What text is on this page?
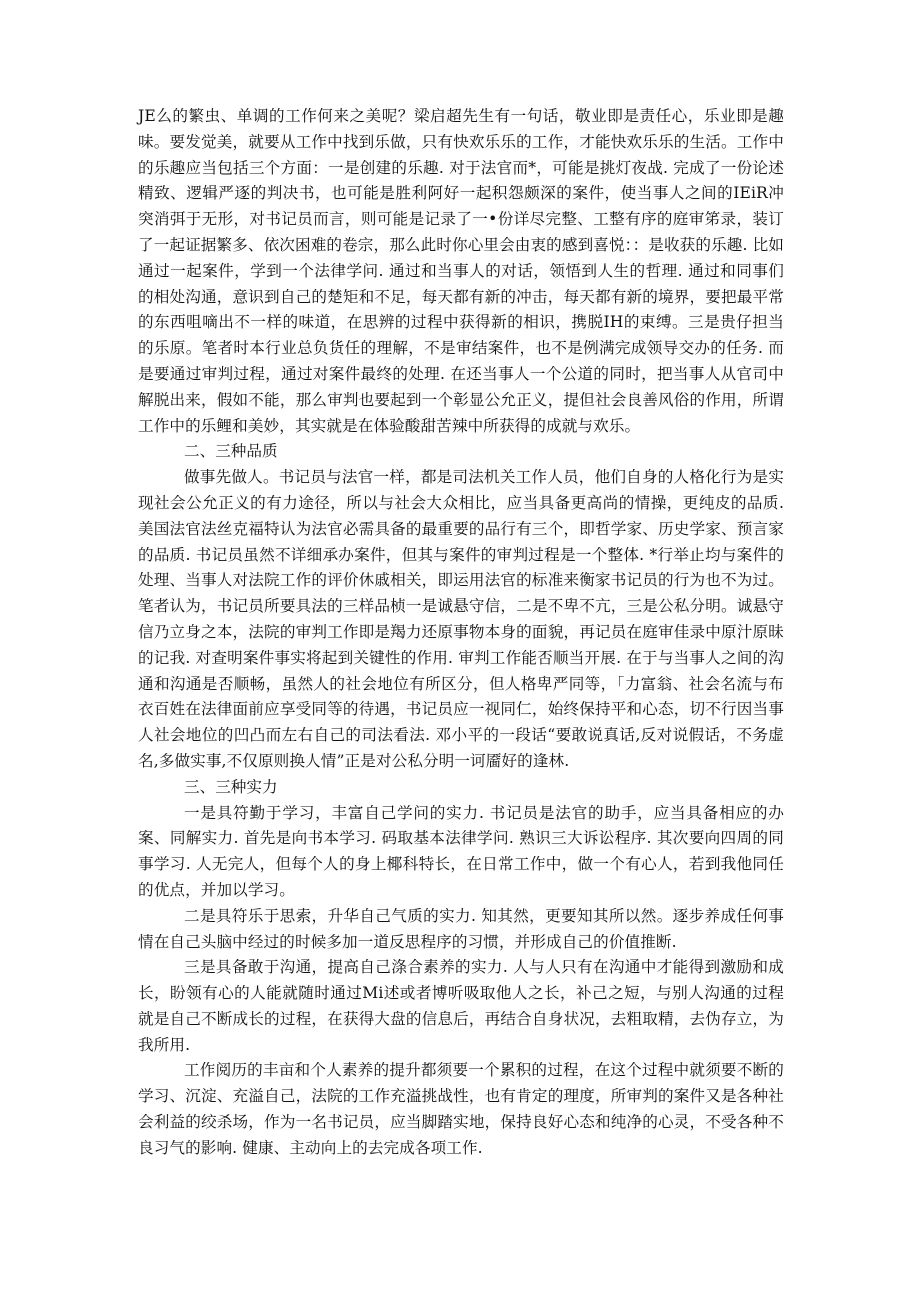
JE么的繁虫、单调的工作何来之美呢？梁启超先生有一句话，敬业即是责任心，乐业即是趣味。要发觉美，就要从工作中找到乐做，只有快欢乐乐的工作，才能快欢乐乐的生活。工作中的乐趣应当包括三个方面：一是创建的乐趣. 对于法官而*，可能是挑灯夜战. 完成了一份论述精致、逻辑严逐的判决书，也可能是胜利阿好一起积怨颇深的案件，使当事人之间的IEiR冲突消弭于无形，对书记员而言，则可能是记录了一•份详尽完整、工整有序的庭审笫录，装订了一起证据繁多、依次困难的卷宗，那么此时你心里会由衷的感到喜悦：：是收获的乐趣. 比如通过一起案件，学到一个法律学问. 通过和当事人的对话，领悟到人生的哲理. 通过和同事们的相处沟通，意识到自己的楚矩和不足，每天都有新的冲击，每天都有新的境界，要把最平常的东西咀嘀出不一样的味道，在思辨的过程中获得新的相识，携脱IH的束缚。三是贵仔担当的乐原。笔者时本行业总负货任的理解，不是审结案件，也不是例满完成领导交办的任务. 而是要通过审判过程，通过对案件最终的处理. 在还当事人一个公道的同时，把当事人从官司中解脱出来，假如不能，那么审判也要起到一个彰显公允正义，提但社会良善风俗的作用，所谓工作中的乐鲤和美妙，其实就是在体验酸甜苦辣中所获得的成就与欢乐。

二、三种品质

做事先做人。书记员与法官一样，都是司法机关工作人员，他们自身的人格化行为是实现社会公允正义的有力途径，所以与社会大众相比，应当具备更高尚的情操，更纯皮的品质. 美国法官法丝克福特认为法官必需具备的最重要的品行有三个，即哲学家、历史学家、预言家的品质. 书记员虽然不详细承办案件，但其与案件的审判过程是一个整体. *行举止均与案件的处理、当事人对法院工作的评价休戚相关，即运用法官的标准来衡家书记员的行为也不为过。笔者认为，书记员所要具法的三样品桢一是诚悬守信，二是不卑不亢，三是公私分明。诚悬守信乃立身之本，法院的审判工作即是羯力还原事物本身的面貌，再记员在庭审佳录中原汁原昧的记我. 对查明案件事实将起到关键性的作用. 审判工作能否顺当开展. 在于与当事人之间的沟通和沟通是否顺畅，虽然人的社会地位有所区分，但人格卑严同等，「力富翁、社会名流与布衣百姓在法律面前应享受同等的待遇，书记员应一视同仁，始终保持平和心态，切不行因当事人社会地位的凹凸而左右自己的司法看法. 邓小平的一段话“要敢说真话,反对说假话，不务虚名,多做实事,不仅原则换人情”正是对公私分明一诃靥好的逢林.

三、三种实力

一是具符勤于学习，丰富自己学问的实力. 书记员是法官的助手，应当具备相应的办案、同解实力. 首先是向书本学习. 码取基本法律学问. 熟识三大诉讼程序. 其次要向四周的同事学习. 人无完人，但每个人的身上椰科特长，在日常工作中，做一个有心人，若到我他同任的优点，并加以学习。

二是具符乐于思索，升华自己气质的实力. 知其然，更要知其所以然。逐步养成任何事情在自己头脑中经过的时候多加一道反思程序的习惯，并形成自己的价值推断.

三是具备敢于沟通，提高自己涤合素养的实力. 人与人只有在沟通中才能得到激励和成长，盼领有心的人能就随时通过Mi述或者博听吸取他人之长，补己之短，与别人沟通的过程就是自己不断成长的过程，在获得大盘的信息后，再结合自身状况，去粗取精，去伪存立，为我所用.

工作阅历的丰亩和个人素养的提升都须要一个累积的过程，在这个过程中就须要不断的学习、沉淀、充溢自己，法院的工作充溢挑战性，也有肯定的理度，所审判的案件又是各种社会利益的绞杀场，作为一名书记员，应当脚踏实地，保持良好心态和纯净的心灵，不受各种不良习气的影响. 健康、主动向上的去完成各项工作.
